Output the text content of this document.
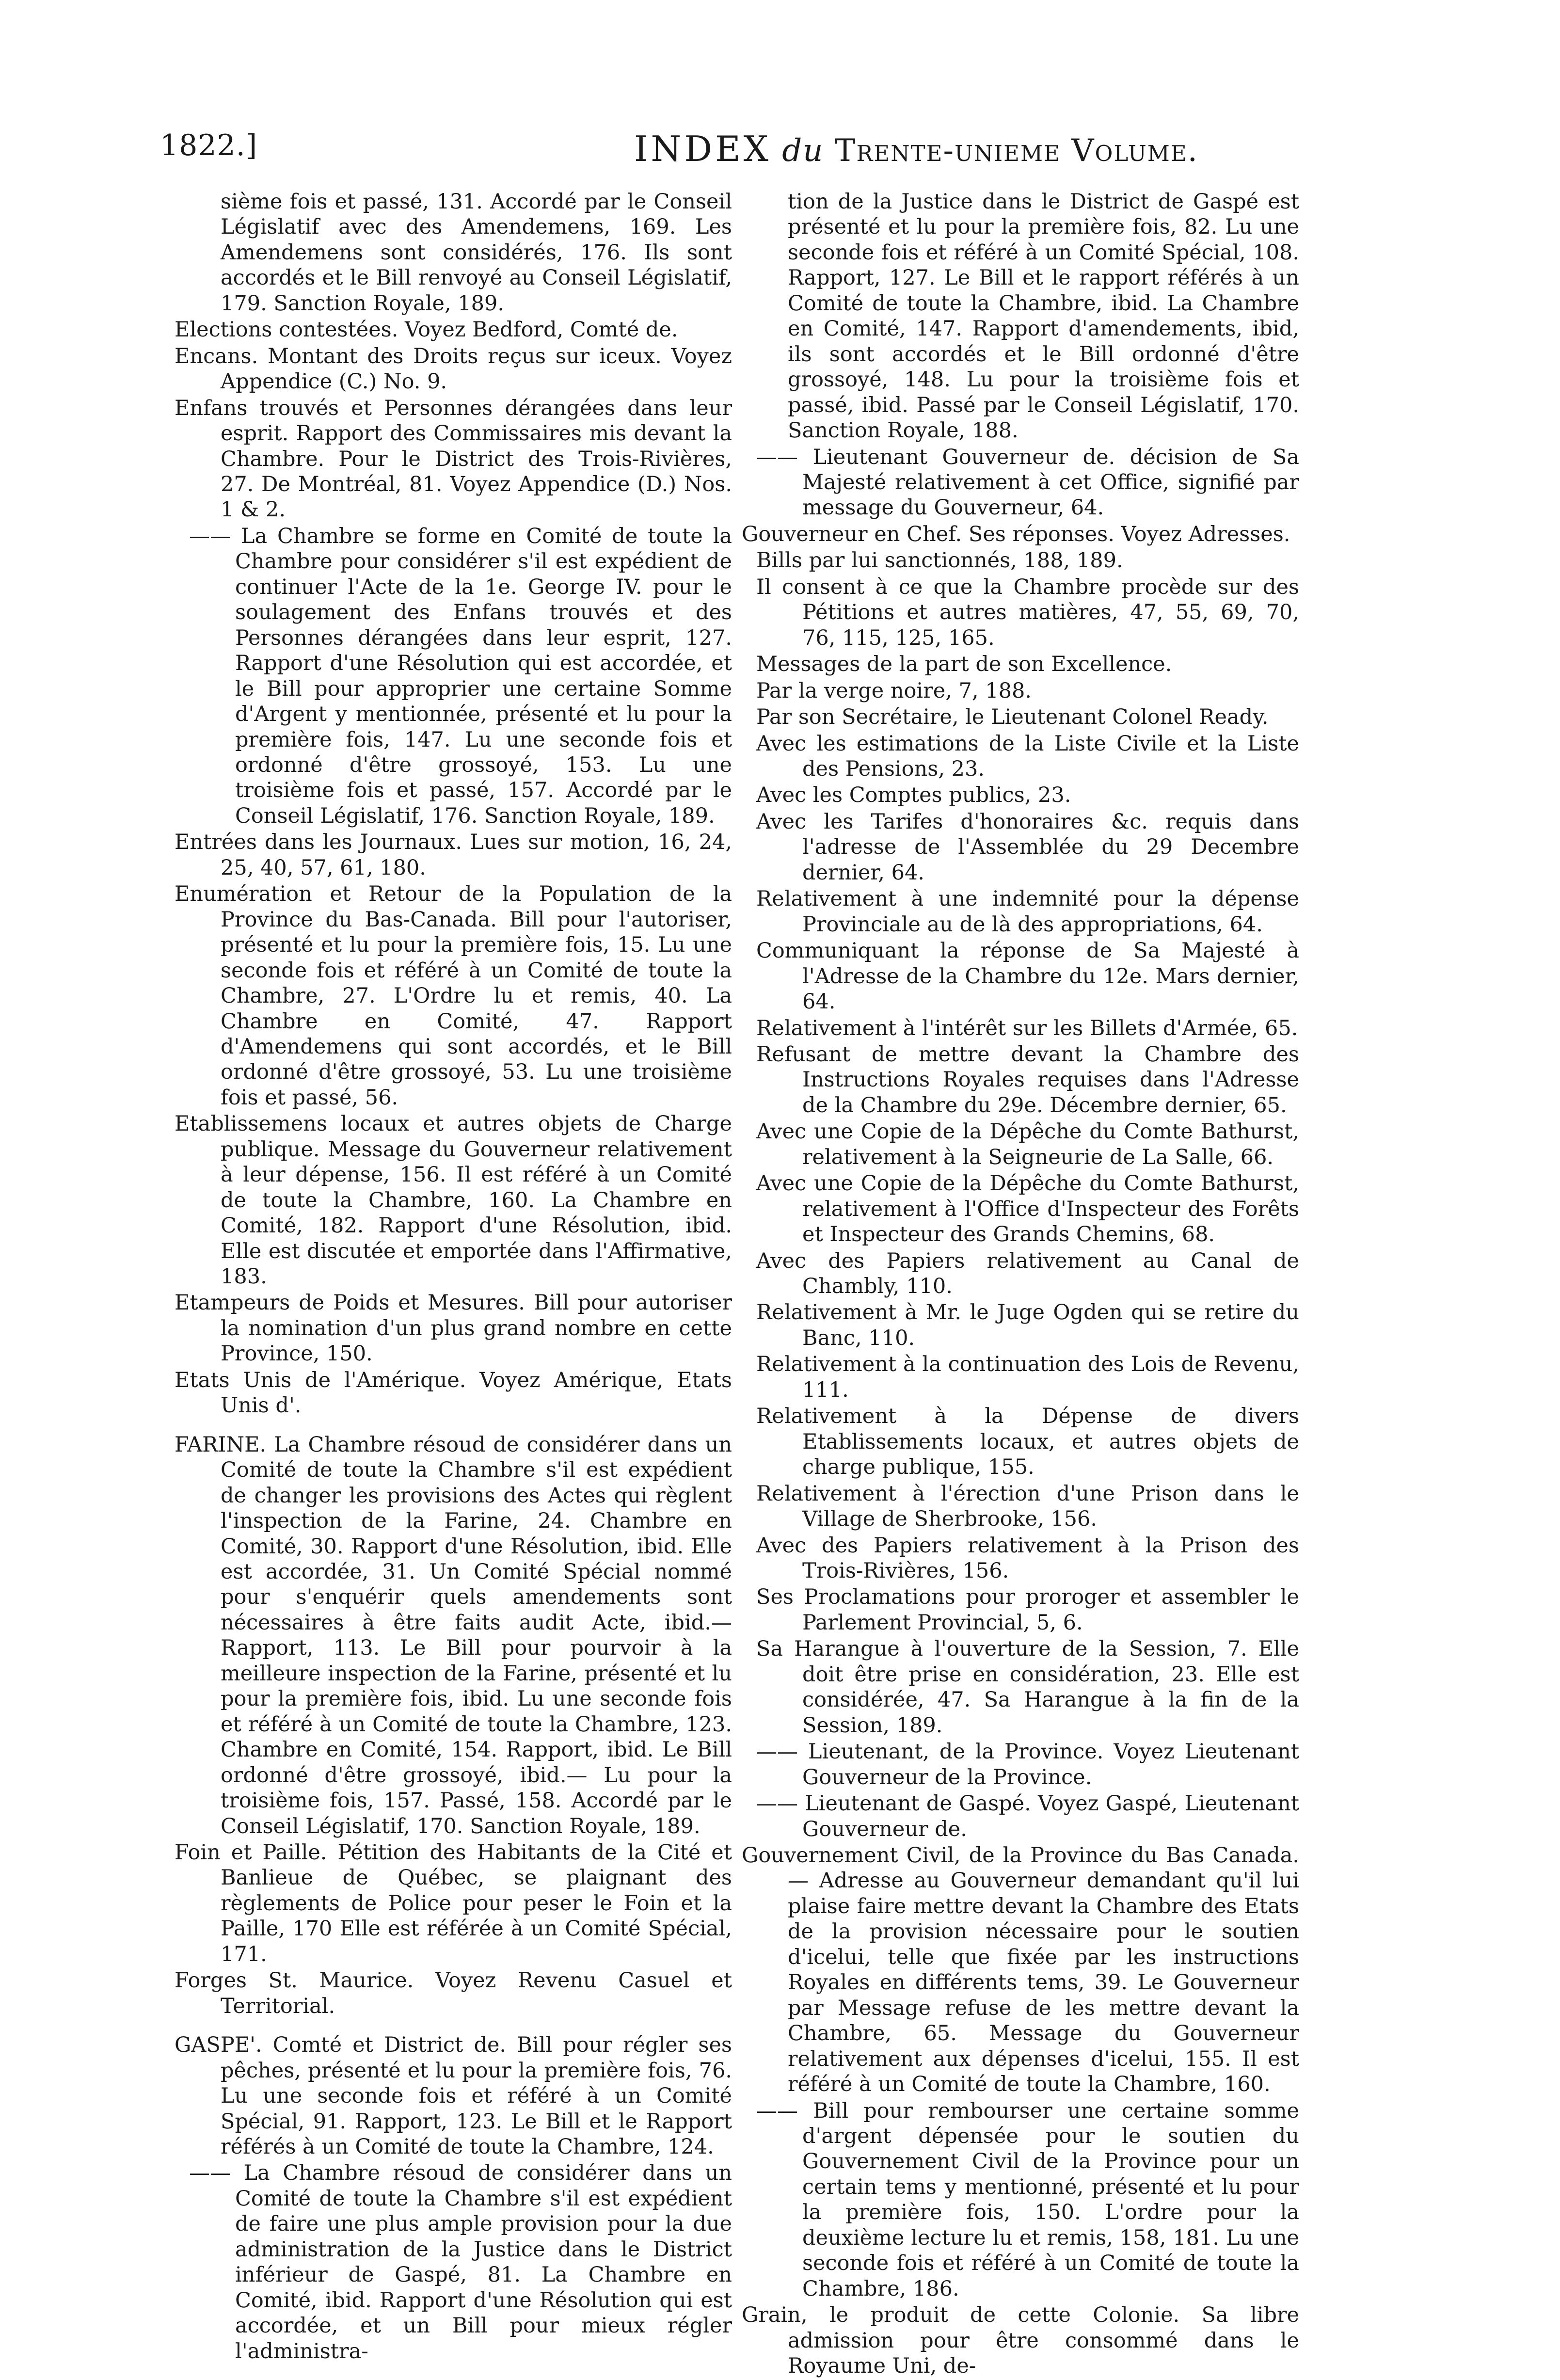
1822.]	INDEX du Trente-unieme Volume.

sième fois et passé, 131. Accordé par le Conseil Législatif avec des Amendemens, 169. Les Amendemens sont considérés, 176. Ils sont accordés et le Bill renvoyé au Conseil Législatif, 179. Sanction Royale, 189.

Elections contestées. Voyez Bedford, Comté de.

Encans. Montant des Droits reçus sur iceux. Voyez Appendice (C.) No. 9.

Enfans trouvés et Personnes dérangées dans leur esprit. Rapport des Commissaires mis devant la Chambre. Pour le District des Trois-Rivières, 27. De Montréal, 81. Voyez Appendice (D.) Nos. 1 & 2.

—— La Chambre se forme en Comité de toute la Chambre pour considérer s'il est expédient de continuer l'Acte de la 1e. George IV. pour le soulagement des Enfans trouvés et des Personnes dérangées dans leur esprit, 127. Rapport d'une Résolution qui est accordée, et le Bill pour approprier une certaine Somme d'Argent y mentionnée, présenté et lu pour la première fois, 147. Lu une seconde fois et ordonné d'être grossoyé, 153. Lu une troisième fois et passé, 157. Accordé par le Conseil Législatif, 176. Sanction Royale, 189.

Entrées dans les Journaux. Lues sur motion, 16, 24, 25, 40, 57, 61, 180.

Enumération et Retour de la Population de la Province du Bas-Canada. Bill pour l'autoriser, présenté et lu pour la première fois, 15. Lu une seconde fois et référé à un Comité de toute la Chambre, 27. L'Ordre lu et remis, 40. La Chambre en Comité, 47. Rapport d'Amendemens qui sont accordés, et le Bill ordonné d'être grossoyé, 53. Lu une troisième fois et passé, 56.

Etablissemens locaux et autres objets de Charge publique. Message du Gouverneur relativement à leur dépense, 156. Il est référé à un Comité de toute la Chambre, 160. La Chambre en Comité, 182. Rapport d'une Résolution, ibid. Elle est discutée et emportée dans l'Affirmative, 183.

Etampeurs de Poids et Mesures. Bill pour autoriser la nomination d'un plus grand nombre en cette Province, 150.

Etats Unis de l'Amérique. Voyez Amérique, Etats Unis d'.

FARINE. La Chambre résoud de considérer dans un Comité de toute la Chambre s'il est expédient de changer les provisions des Actes qui règlent l'inspection de la Farine, 24. Chambre en Comité, 30. Rapport d'une Résolution, ibid. Elle est accordée, 31. Un Comité Spécial nommé pour s'enquérir quels amendements sont nécessaires à être faits audit Acte, ibid.— Rapport, 113. Le Bill pour pourvoir à la meilleure inspection de la Farine, présenté et lu pour la première fois, ibid. Lu une seconde fois et référé à un Comité de toute la Chambre, 123. Chambre en Comité, 154. Rapport, ibid. Le Bill ordonné d'être grossoyé, ibid.— Lu pour la troisième fois, 157. Passé, 158. Accordé par le Conseil Législatif, 170. Sanction Royale, 189.

Foin et Paille. Pétition des Habitants de la Cité et Banlieue de Québec, se plaignant des règlements de Police pour peser le Foin et la Paille, 170 Elle est référée à un Comité Spécial, 171.

Forges St. Maurice. Voyez Revenu Casuel et Territorial.

GASPE'. Comté et District de. Bill pour régler ses pêches, présenté et lu pour la première fois, 76. Lu une seconde fois et référé à un Comité Spécial, 91. Rapport, 123. Le Bill et le Rapport référés à un Comité de toute la Chambre, 124.

—— La Chambre résoud de considérer dans un Comité de toute la Chambre s'il est expédient de faire une plus ample provision pour la due administration de la Justice dans le District inférieur de Gaspé, 81. La Chambre en Comité, ibid. Rapport d'une Résolution qui est accordée, et un Bill pour mieux régler l'administra-

tion de la Justice dans le District de Gaspé est présenté et lu pour la première fois, 82. Lu une seconde fois et référé à un Comité Spécial, 108. Rapport, 127. Le Bill et le rapport référés à un Comité de toute la Chambre, ibid. La Chambre en Comité, 147. Rapport d'amendements, ibid, ils sont accordés et le Bill ordonné d'être grossoyé, 148. Lu pour la troisième fois et passé, ibid. Passé par le Conseil Législatif, 170. Sanction Royale, 188.

—— Lieutenant Gouverneur de. décision de Sa Majesté relativement à cet Office, signifié par message du Gouverneur, 64.

Gouverneur en Chef. Ses réponses. Voyez Adresses.

Bills par lui sanctionnés, 188, 189.

Il consent à ce que la Chambre procède sur des Pétitions et autres matières, 47, 55, 69, 70, 76, 115, 125, 165.

Messages de la part de son Excellence.

Par la verge noire, 7, 188.

Par son Secrétaire, le Lieutenant Colonel Ready.

Avec les estimations de la Liste Civile et la Liste des Pensions, 23.

Avec les Comptes publics, 23.

Avec les Tarifes d'honoraires &c. requis dans l'adresse de l'Assemblée du 29 Decembre dernier, 64.

Relativement à une indemnité pour la dépense Provinciale au de là des appropriations, 64.

Communiquant la réponse de Sa Majesté à l'Adresse de la Chambre du 12e. Mars dernier, 64.

Relativement à l'intérêt sur les Billets d'Armée, 65.

Refusant de mettre devant la Chambre des Instructions Royales requises dans l'Adresse de la Chambre du 29e. Décembre dernier, 65.

Avec une Copie de la Dépêche du Comte Bathurst, relativement à la Seigneurie de La Salle, 66.

Avec une Copie de la Dépêche du Comte Bathurst, relativement à l'Office d'Inspecteur des Forêts et Inspecteur des Grands Chemins, 68.

Avec des Papiers relativement au Canal de Chambly, 110.

Relativement à Mr. le Juge Ogden qui se retire du Banc, 110.

Relativement à la continuation des Lois de Revenu, 111.

Relativement à la Dépense de divers Etablissements locaux, et autres objets de charge publique, 155.

Relativement à l'érection d'une Prison dans le Village de Sherbrooke, 156.

Avec des Papiers relativement à la Prison des Trois-Rivières, 156.

Ses Proclamations pour proroger et assembler le Parlement Provincial, 5, 6.

Sa Harangue à l'ouverture de la Session, 7. Elle doit être prise en considération, 23. Elle est considérée, 47. Sa Harangue à la fin de la Session, 189.

—— Lieutenant, de la Province. Voyez Lieutenant Gouverneur de la Province.

—— Lieutenant de Gaspé. Voyez Gaspé, Lieutenant Gouverneur de.

Gouvernement Civil, de la Province du Bas Canada.— Adresse au Gouverneur demandant qu'il lui plaise faire mettre devant la Chambre des Etats de la provision nécessaire pour le soutien d'icelui, telle que fixée par les instructions Royales en différents tems, 39. Le Gouverneur par Message refuse de les mettre devant la Chambre, 65. Message du Gouverneur relativement aux dépenses d'icelui, 155. Il est référé à un Comité de toute la Chambre, 160.

—— Bill pour rembourser une certaine somme d'argent dépensée pour le soutien du Gouvernement Civil de la Province pour un certain tems y mentionné, présenté et lu pour la première fois, 150. L'ordre pour la deuxième lecture lu et remis, 158, 181. Lu une seconde fois et référé à un Comité de toute la Chambre, 186.

Grain, le produit de cette Colonie. Sa libre admission pour être consommé dans le Royaume Uni, de-
